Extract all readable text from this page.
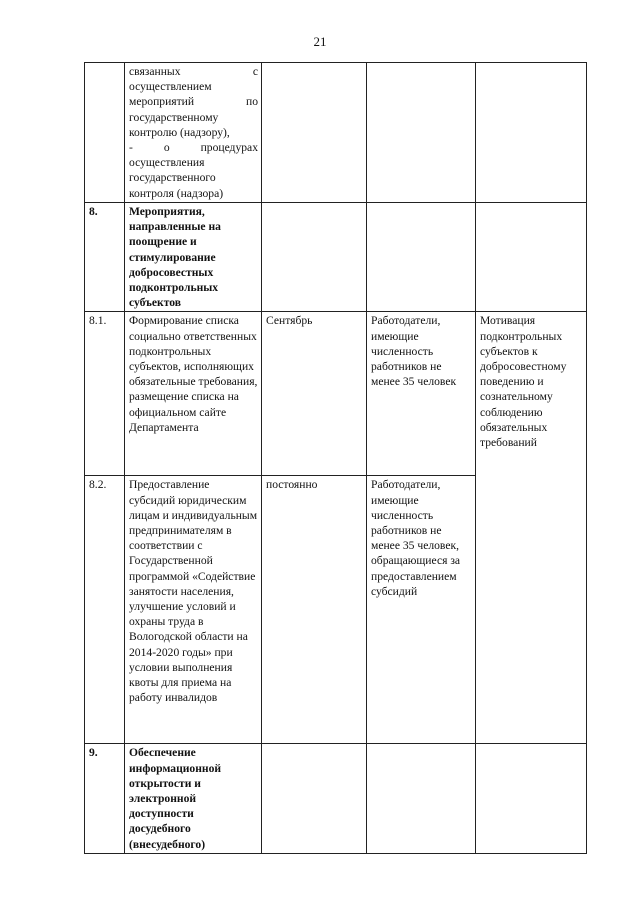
21
	связанных с осуществлением мероприятий по государственному контролю (надзору),
- о процедурах осуществления государственного контроля (надзора)			
8.	Мероприятия, направленные на поощрение и стимулирование добросовестных подконтрольных субъектов			
8.1.	Формирование списка социально ответственных подконтрольных субъектов, исполняющих обязательные требования, размещение списка на официальном сайте Департамента	Сентябрь	Работодатели, имеющие численность работников не менее 35 человек	Мотивация подконтрольных субъектов к добросовестному поведению и сознательному соблюдению обязательных требований
8.2.	Предоставление субсидий юридическим лицам и индивидуальным предпринимателям в соответствии с Государственной программой «Содействие занятости населения, улучшение условий и охраны труда в Вологодской области на 2014-2020 годы» при условии выполнения квоты для приема на работу инвалидов	постоянно	Работодатели, имеющие численность работников не менее 35 человек, обращающиеся за предоставлением субсидий	
9.	Обеспечение информационной открытости и электронной доступности досудебного (внесудебного)			
